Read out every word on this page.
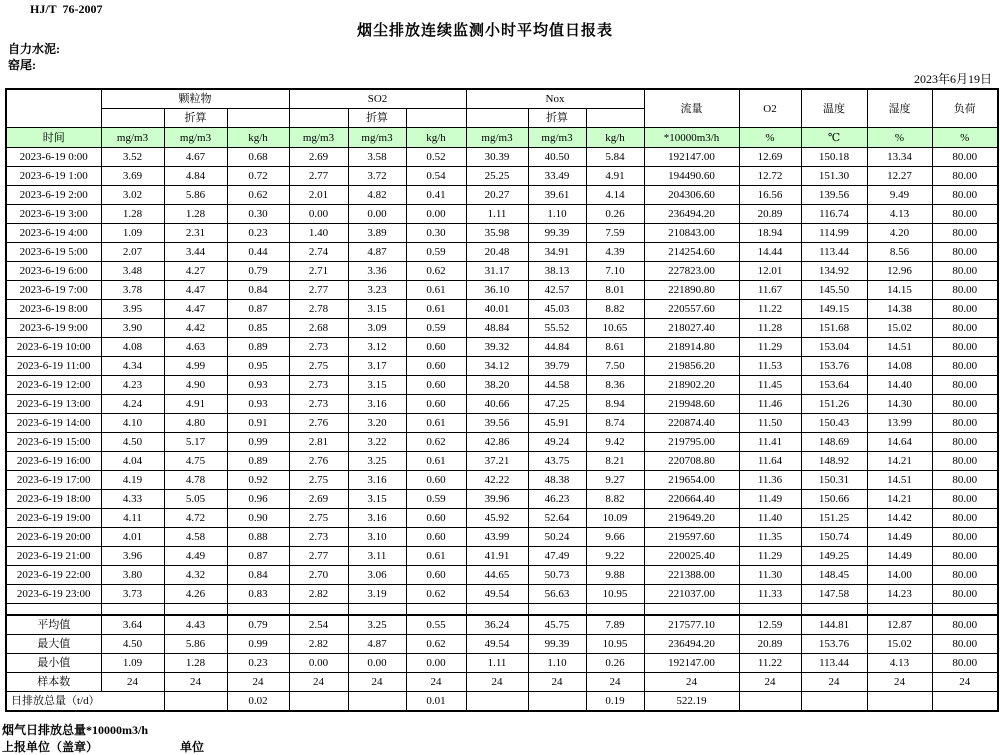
HJ/T  76-2007
烟尘排放连续监测小时平均值日报表
自力水泥:
窑尾:
2023年6月19日
	颗粒物			SO2			Nox			流量	O2	温度	湿度	负荷
		折算			折算			折算						
时间	mg/m3	mg/m3	kg/h	mg/m3	mg/m3	kg/h	mg/m3	mg/m3	kg/h	*10000m3/h	%	℃	%	%
2023-6-19 0:00	3.52	4.67	0.68	2.69	3.58	0.52	30.39	40.50	5.84	192147.00	12.69	150.18	13.34	80.00
2023-6-19 1:00	3.69	4.84	0.72	2.77	3.72	0.54	25.25	33.49	4.91	194490.60	12.72	151.30	12.27	80.00
2023-6-19 2:00	3.02	5.86	0.62	2.01	4.82	0.41	20.27	39.61	4.14	204306.60	16.56	139.56	9.49	80.00
2023-6-19 3:00	1.28	1.28	0.30	0.00	0.00	0.00	1.11	1.10	0.26	236494.20	20.89	116.74	4.13	80.00
2023-6-19 4:00	1.09	2.31	0.23	1.40	3.89	0.30	35.98	99.39	7.59	210843.00	18.94	114.99	4.20	80.00
2023-6-19 5:00	2.07	3.44	0.44	2.74	4.87	0.59	20.48	34.91	4.39	214254.60	14.44	113.44	8.56	80.00
2023-6-19 6:00	3.48	4.27	0.79	2.71	3.36	0.62	31.17	38.13	7.10	227823.00	12.01	134.92	12.96	80.00
2023-6-19 7:00	3.78	4.47	0.84	2.77	3.23	0.61	36.10	42.57	8.01	221890.80	11.67	145.50	14.15	80.00
2023-6-19 8:00	3.95	4.47	0.87	2.78	3.15	0.61	40.01	45.03	8.82	220557.60	11.22	149.15	14.38	80.00
2023-6-19 9:00	3.90	4.42	0.85	2.68	3.09	0.59	48.84	55.52	10.65	218027.40	11.28	151.68	15.02	80.00
2023-6-19 10:00	4.08	4.63	0.89	2.73	3.12	0.60	39.32	44.84	8.61	218914.80	11.29	153.04	14.51	80.00
2023-6-19 11:00	4.34	4.99	0.95	2.75	3.17	0.60	34.12	39.79	7.50	219856.20	11.53	153.76	14.08	80.00
2023-6-19 12:00	4.23	4.90	0.93	2.73	3.15	0.60	38.20	44.58	8.36	218902.20	11.45	153.64	14.40	80.00
2023-6-19 13:00	4.24	4.91	0.93	2.73	3.16	0.60	40.66	47.25	8.94	219948.60	11.46	151.26	14.30	80.00
2023-6-19 14:00	4.10	4.80	0.91	2.76	3.20	0.61	39.56	45.91	8.74	220874.40	11.50	150.43	13.99	80.00
2023-6-19 15:00	4.50	5.17	0.99	2.81	3.22	0.62	42.86	49.24	9.42	219795.00	11.41	148.69	14.64	80.00
2023-6-19 16:00	4.04	4.75	0.89	2.76	3.25	0.61	37.21	43.75	8.21	220708.80	11.64	148.92	14.21	80.00
2023-6-19 17:00	4.19	4.78	0.92	2.75	3.16	0.60	42.22	48.38	9.27	219654.00	11.36	150.31	14.51	80.00
2023-6-19 18:00	4.33	5.05	0.96	2.69	3.15	0.59	39.96	46.23	8.82	220664.40	11.49	150.66	14.21	80.00
2023-6-19 19:00	4.11	4.72	0.90	2.75	3.16	0.60	45.92	52.64	10.09	219649.20	11.40	151.25	14.42	80.00
2023-6-19 20:00	4.01	4.58	0.88	2.73	3.10	0.60	43.99	50.24	9.66	219597.60	11.35	150.74	14.49	80.00
2023-6-19 21:00	3.96	4.49	0.87	2.77	3.11	0.61	41.91	47.49	9.22	220025.40	11.29	149.25	14.49	80.00
2023-6-19 22:00	3.80	4.32	0.84	2.70	3.06	0.60	44.65	50.73	9.88	221388.00	11.30	148.45	14.00	80.00
2023-6-19 23:00	3.73	4.26	0.83	2.82	3.19	0.62	49.54	56.63	10.95	221037.00	11.33	147.58	14.23	80.00

平均值	3.64	4.43	0.79	2.54	3.25	0.55	36.24	45.75	7.89	217577.10	12.59	144.81	12.87	80.00
最大值	4.50	5.86	0.99	2.82	4.87	0.62	49.54	99.39	10.95	236494.20	20.89	153.76	15.02	80.00
最小值	1.09	1.28	0.23	0.00	0.00	0.00	1.11	1.10	0.26	192147.00	11.22	113.44	4.13	80.00
样本数	24	24	24	24	24	24	24	24	24	24	24	24	24	24
日排放总量（t/d）			0.02			0.01			0.19	522.19				
烟气日排放总量*10000m3/h
上报单位（盖章）	单位
